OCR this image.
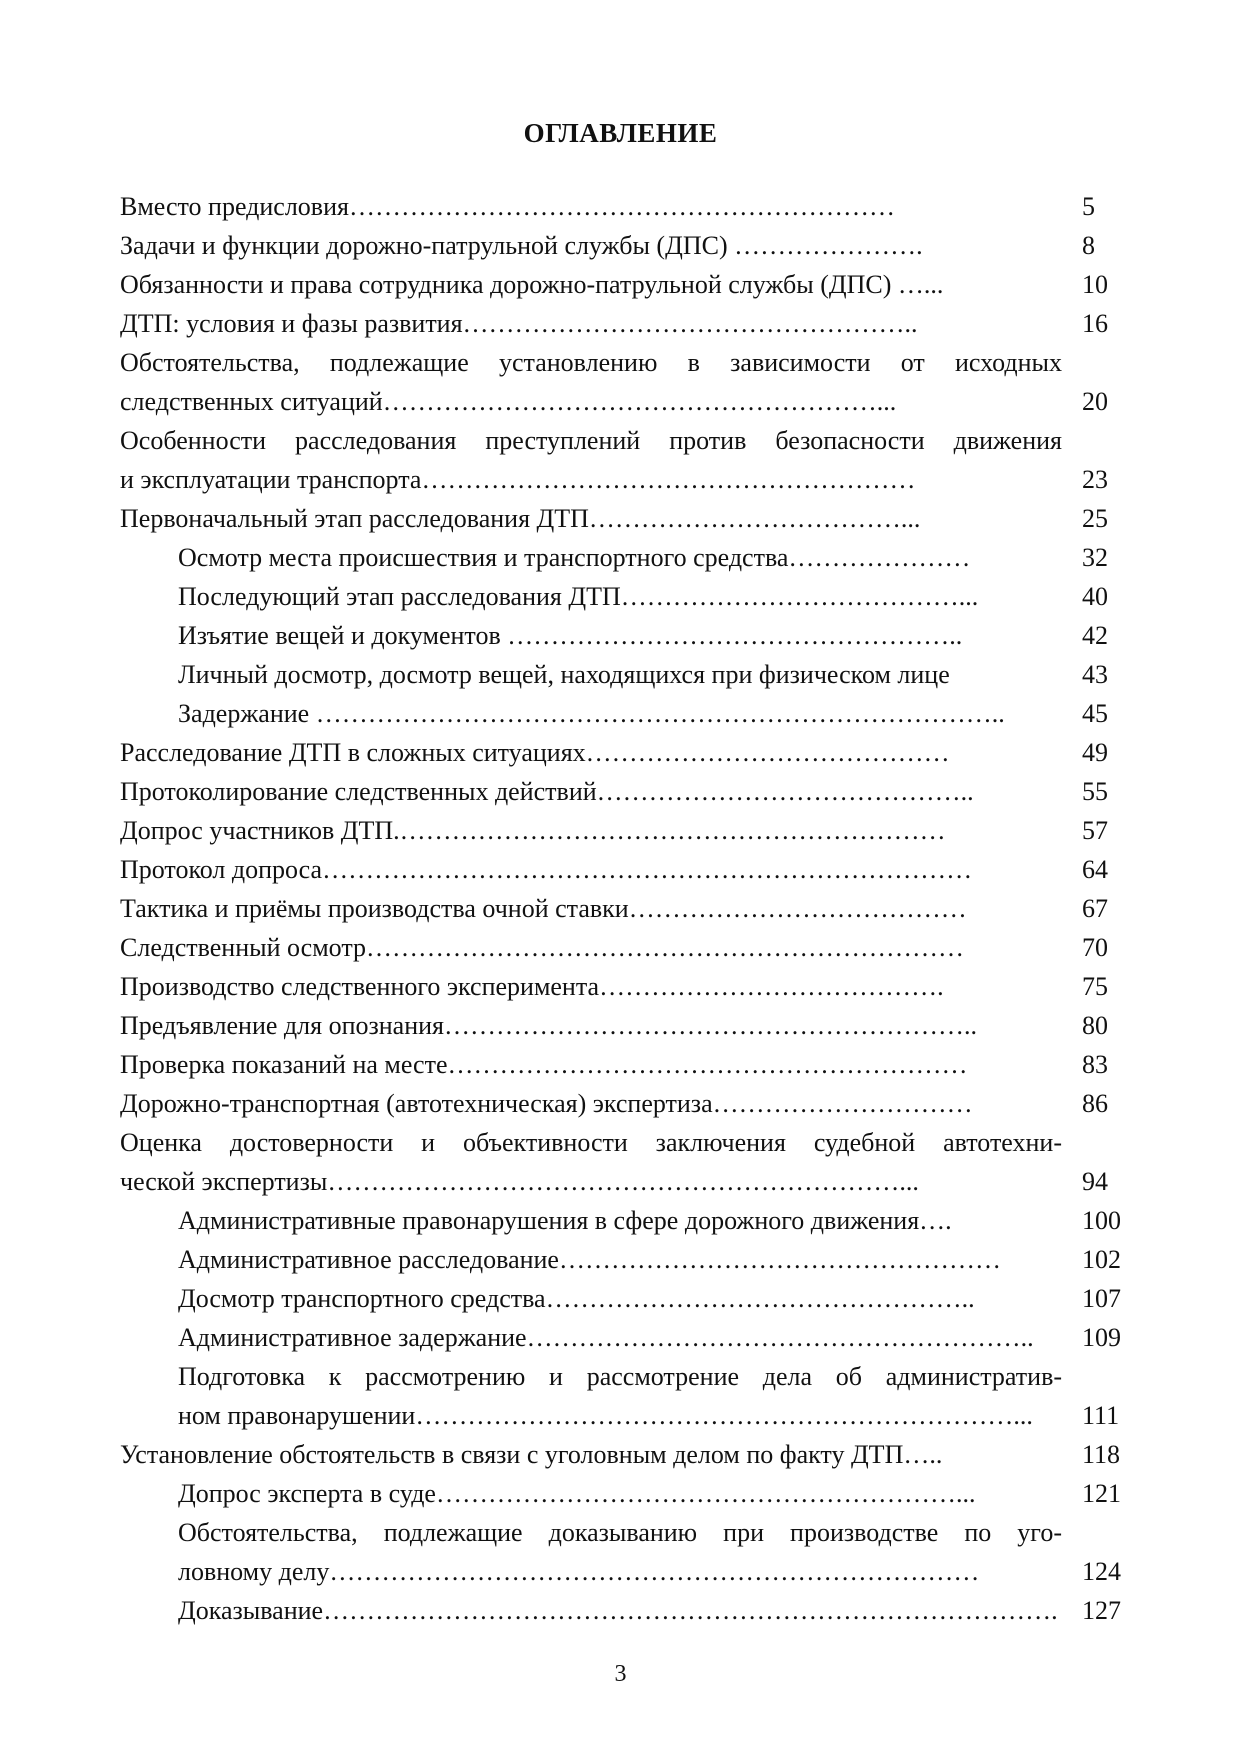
ОГЛАВЛЕНИЕ
Вместо предисловия………………………………………………………	5
Задачи и функции дорожно-патрульной службы (ДПС) ………………….	8
Обязанности и права сотрудника дорожно-патрульной службы (ДПС) …...	10
ДТП: условия и фазы развития……………………………………………..	16
Обстоятельства, подлежащие установлению в зависимости от исходных
следственных ситуаций…………………………………………………...	20
Особенности расследования преступлений против безопасности движения
и эксплуатации транспорта…………………………………………………	23
Первоначальный этап расследования ДТП………………………………...	25
Осмотр места происшествия и транспортного средства…………………	32
Последующий этап расследования ДТП…………………………………...	40
Изъятие вещей и документов ……………………………………………..	42
Личный досмотр, досмотр вещей, находящихся при физическом лице	43
Задержание ……………………………………………………………………..	45
Расследование ДТП в сложных ситуациях……………………………………	49
Протоколирование следственных действий……………………………………..	55
Допрос участников ДТП.………………………………………………………	57
Протокол допроса…………………………………………………………………	64
Тактика и приёмы производства очной ставки…………………………………	67
Следственный осмотр……………………………………………………………	70
Производство следственного эксперимента………………………………….	75
Предъявление для опознания……………………………………………………..	80
Проверка показаний на месте……………………………………………………	83
Дорожно-транспортная (автотехническая) экспертиза…………………………	86
Оценка достоверности и объективности заключения судебной автотехни-
ческой экспертизы…………………………………………………………...	94
Административные правонарушения в сфере дорожного движения….	100
Административное расследование……………………………………………	102
Досмотр транспортного средства…………………………………………..	107
Административное задержание…………………………………………………..	109
Подготовка к рассмотрению и рассмотрение дела об административ-
ном правонарушении……………………………………………………………...	111
Установление обстоятельств в связи с уголовным делом по факту ДТП…..	118
Допрос эксперта в суде……………………………………………………...	121
Обстоятельства, подлежащие доказыванию при производстве по уго-
ловному делу…………………………………………………………………	124
Доказывание…………………………………………………………………………. 127
3
